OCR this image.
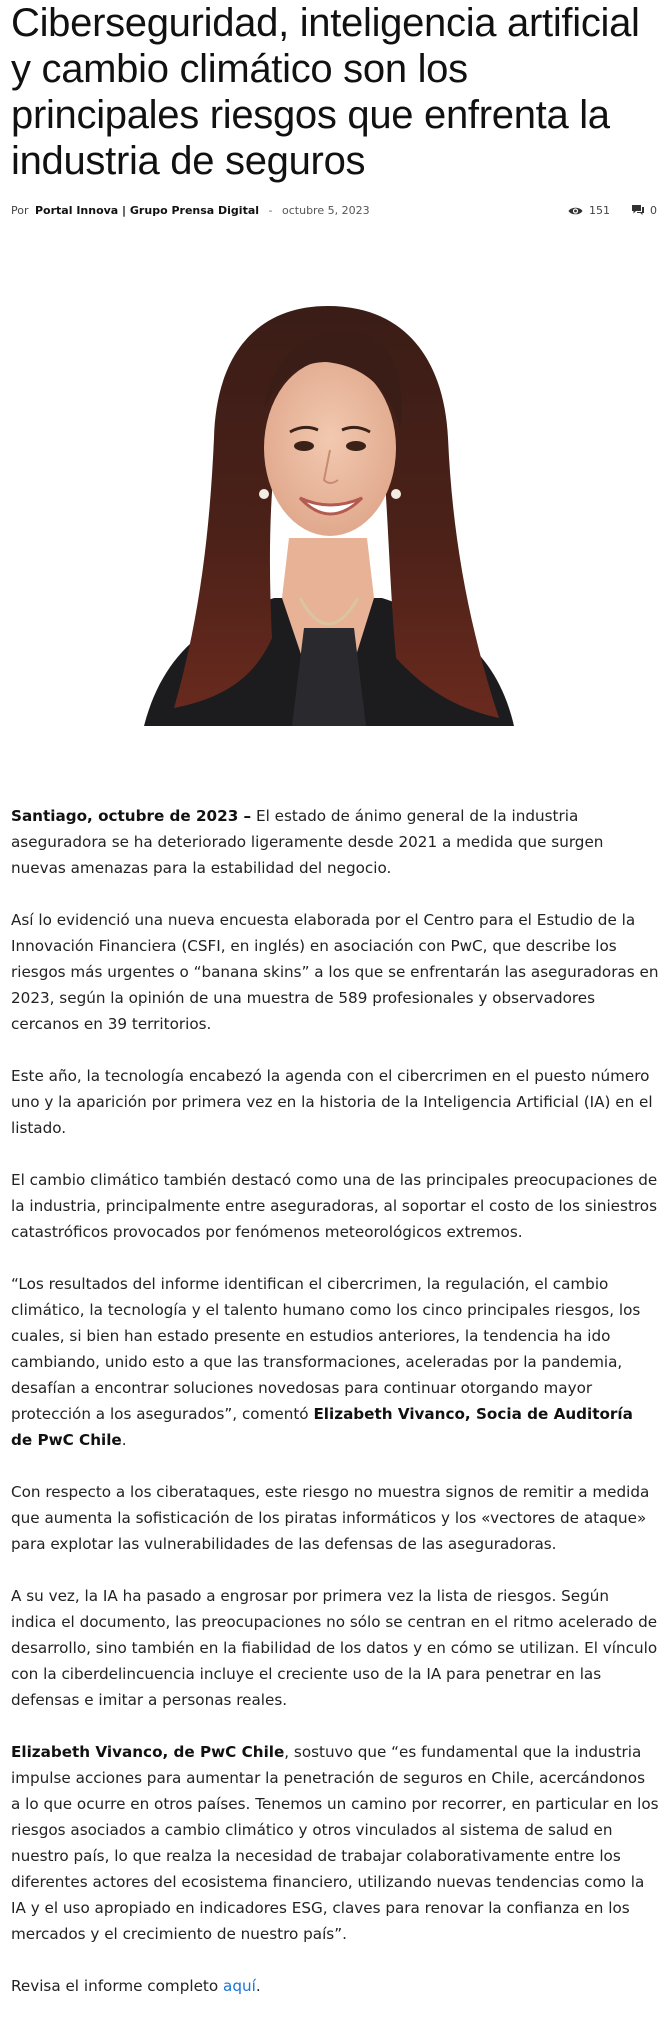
Ciberseguridad, inteligencia artificial y cambio climático son los principales riesgos que enfrenta la industria de seguros
Por Portal Innova | Grupo Prensa Digital - octubre 5, 2023	151	0

Santiago, octubre de 2023 – El estado de ánimo general de la industria aseguradora se ha deteriorado ligeramente desde 2021 a medida que surgen nuevas amenazas para la estabilidad del negocio.

Así lo evidenció una nueva encuesta elaborada por el Centro para el Estudio de la Innovación Financiera (CSFI, en inglés) en asociación con PwC, que describe los riesgos más urgentes o “banana skins” a los que se enfrentarán las aseguradoras en 2023, según la opinión de una muestra de 589 profesionales y observadores cercanos en 39 territorios.

Este año, la tecnología encabezó la agenda con el cibercrimen en el puesto número uno y la aparición por primera vez en la historia de la Inteligencia Artificial (IA) en el listado.

El cambio climático también destacó como una de las principales preocupaciones de la industria, principalmente entre aseguradoras, al soportar el costo de los siniestros catastróficos provocados por fenómenos meteorológicos extremos.

“Los resultados del informe identifican el cibercrimen, la regulación, el cambio climático, la tecnología y el talento humano como los cinco principales riesgos, los cuales, si bien han estado presente en estudios anteriores, la tendencia ha ido cambiando, unido esto a que las transformaciones, aceleradas por la pandemia, desafían a encontrar soluciones novedosas para continuar otorgando mayor protección a los asegurados”, comentó Elizabeth Vivanco, Socia de Auditoría de PwC Chile.

Con respecto a los ciberataques, este riesgo no muestra signos de remitir a medida que aumenta la sofisticación de los piratas informáticos y los «vectores de ataque» para explotar las vulnerabilidades de las defensas de las aseguradoras.

A su vez, la IA ha pasado a engrosar por primera vez la lista de riesgos. Según indica el documento, las preocupaciones no sólo se centran en el ritmo acelerado de desarrollo, sino también en la fiabilidad de los datos y en cómo se utilizan. El vínculo con la ciberdelincuencia incluye el creciente uso de la IA para penetrar en las defensas e imitar a personas reales.

Elizabeth Vivanco, de PwC Chile, sostuvo que “es fundamental que la industria impulse acciones para aumentar la penetración de seguros en Chile, acercándonos a lo que ocurre en otros países. Tenemos un camino por recorrer, en particular en los riesgos asociados a cambio climático y otros vinculados al sistema de salud en nuestro país, lo que realza la necesidad de trabajar colaborativamente entre los diferentes actores del ecosistema financiero, utilizando nuevas tendencias como la IA y el uso apropiado en indicadores ESG, claves para renovar la confianza en los mercados y el crecimiento de nuestro país”.

Revisa el informe completo aquí.
